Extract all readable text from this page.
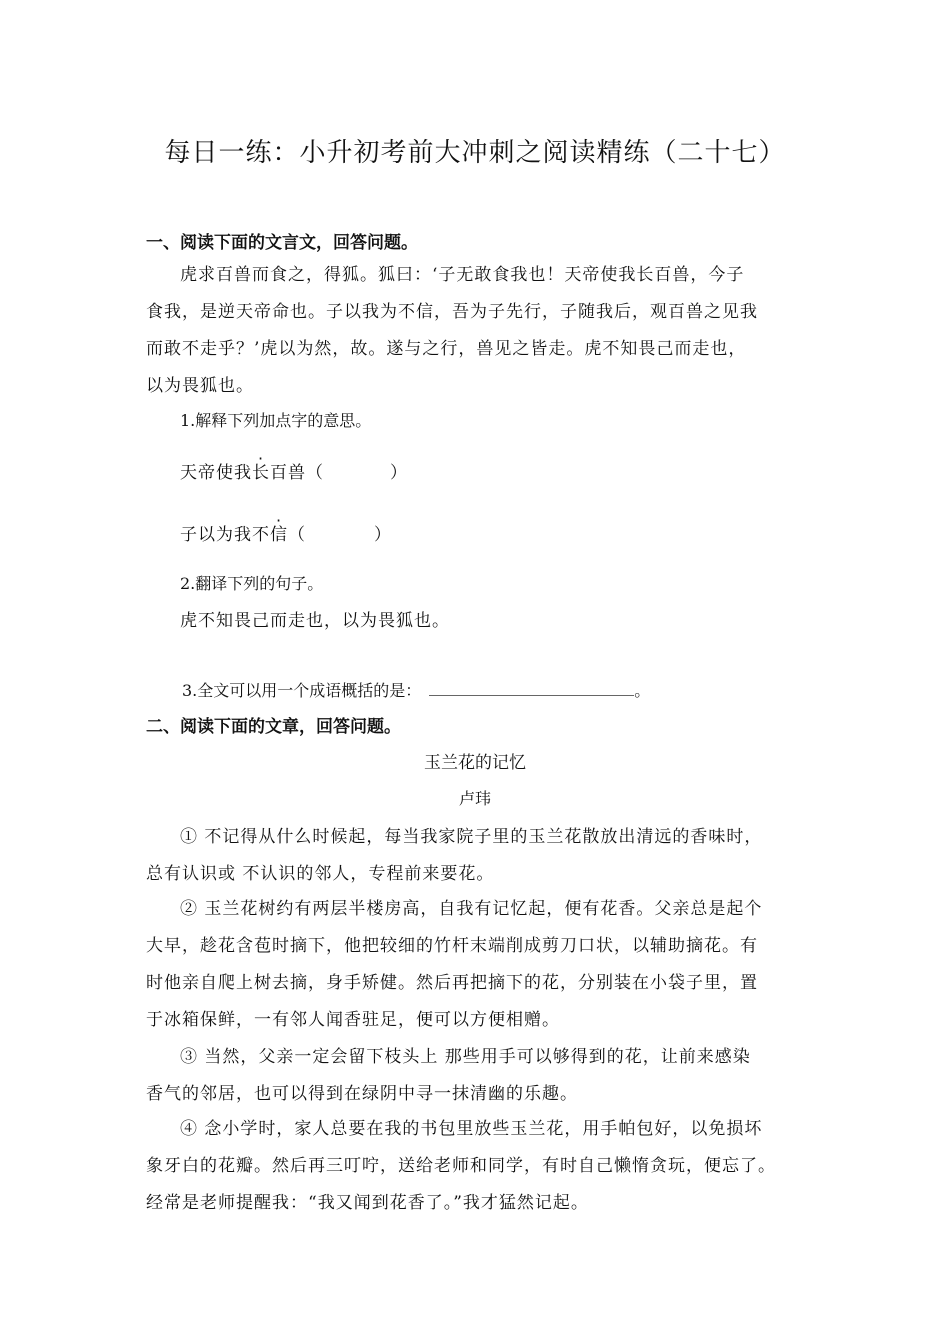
每日一练：小升初考前大冲刺之阅读精练（二十七）
一、阅读下面的文言文，回答问题。
虎求百兽而食之，得狐。狐曰：‘子无敢食我也！天帝使我长百兽，今子
食我，是逆天帝命也。子以我为不信，吾为子先行，子随我后，观百兽之见我
而敢不走乎？’虎以为然，故。遂与之行，兽见之皆走。虎不知畏己而走也，
以为畏狐也。
1.解释下列加点字的意思。
天帝使我长百兽（	）
子以为我不信（	）
2.翻译下列的句子。
虎不知畏己而走也，以为畏狐也。
3.全文可以用一个成语概括的是：	。
二、阅读下面的文章，回答问题。
玉兰花的记忆
卢玮
① 不记得从什么时候起，每当我家院子里的玉兰花散放出清远的香味时，
总有认识或 不认识的邻人，专程前来要花。
② 玉兰花树约有两层半楼房高，自我有记忆起，便有花香。父亲总是起个
大早，趁花含苞时摘下，他把较细的竹杆末端削成剪刀口状，以辅助摘花。有
时他亲自爬上树去摘，身手矫健。然后再把摘下的花，分别装在小袋子里，置
于冰箱保鲜，一有邻人闻香驻足，便可以方便相赠。
③ 当然，父亲一定会留下枝头上 那些用手可以够得到的花，让前来感染
香气的邻居，也可以得到在绿阴中寻一抹清幽的乐趣。
④ 念小学时，家人总要在我的书包里放些玉兰花，用手帕包好，以免损坏
象牙白的花瓣。然后再三叮咛，送给老师和同学，有时自己懒惰贪玩，便忘了。
经常是老师提醒我：“我又闻到花香了。”我才猛然记起。
